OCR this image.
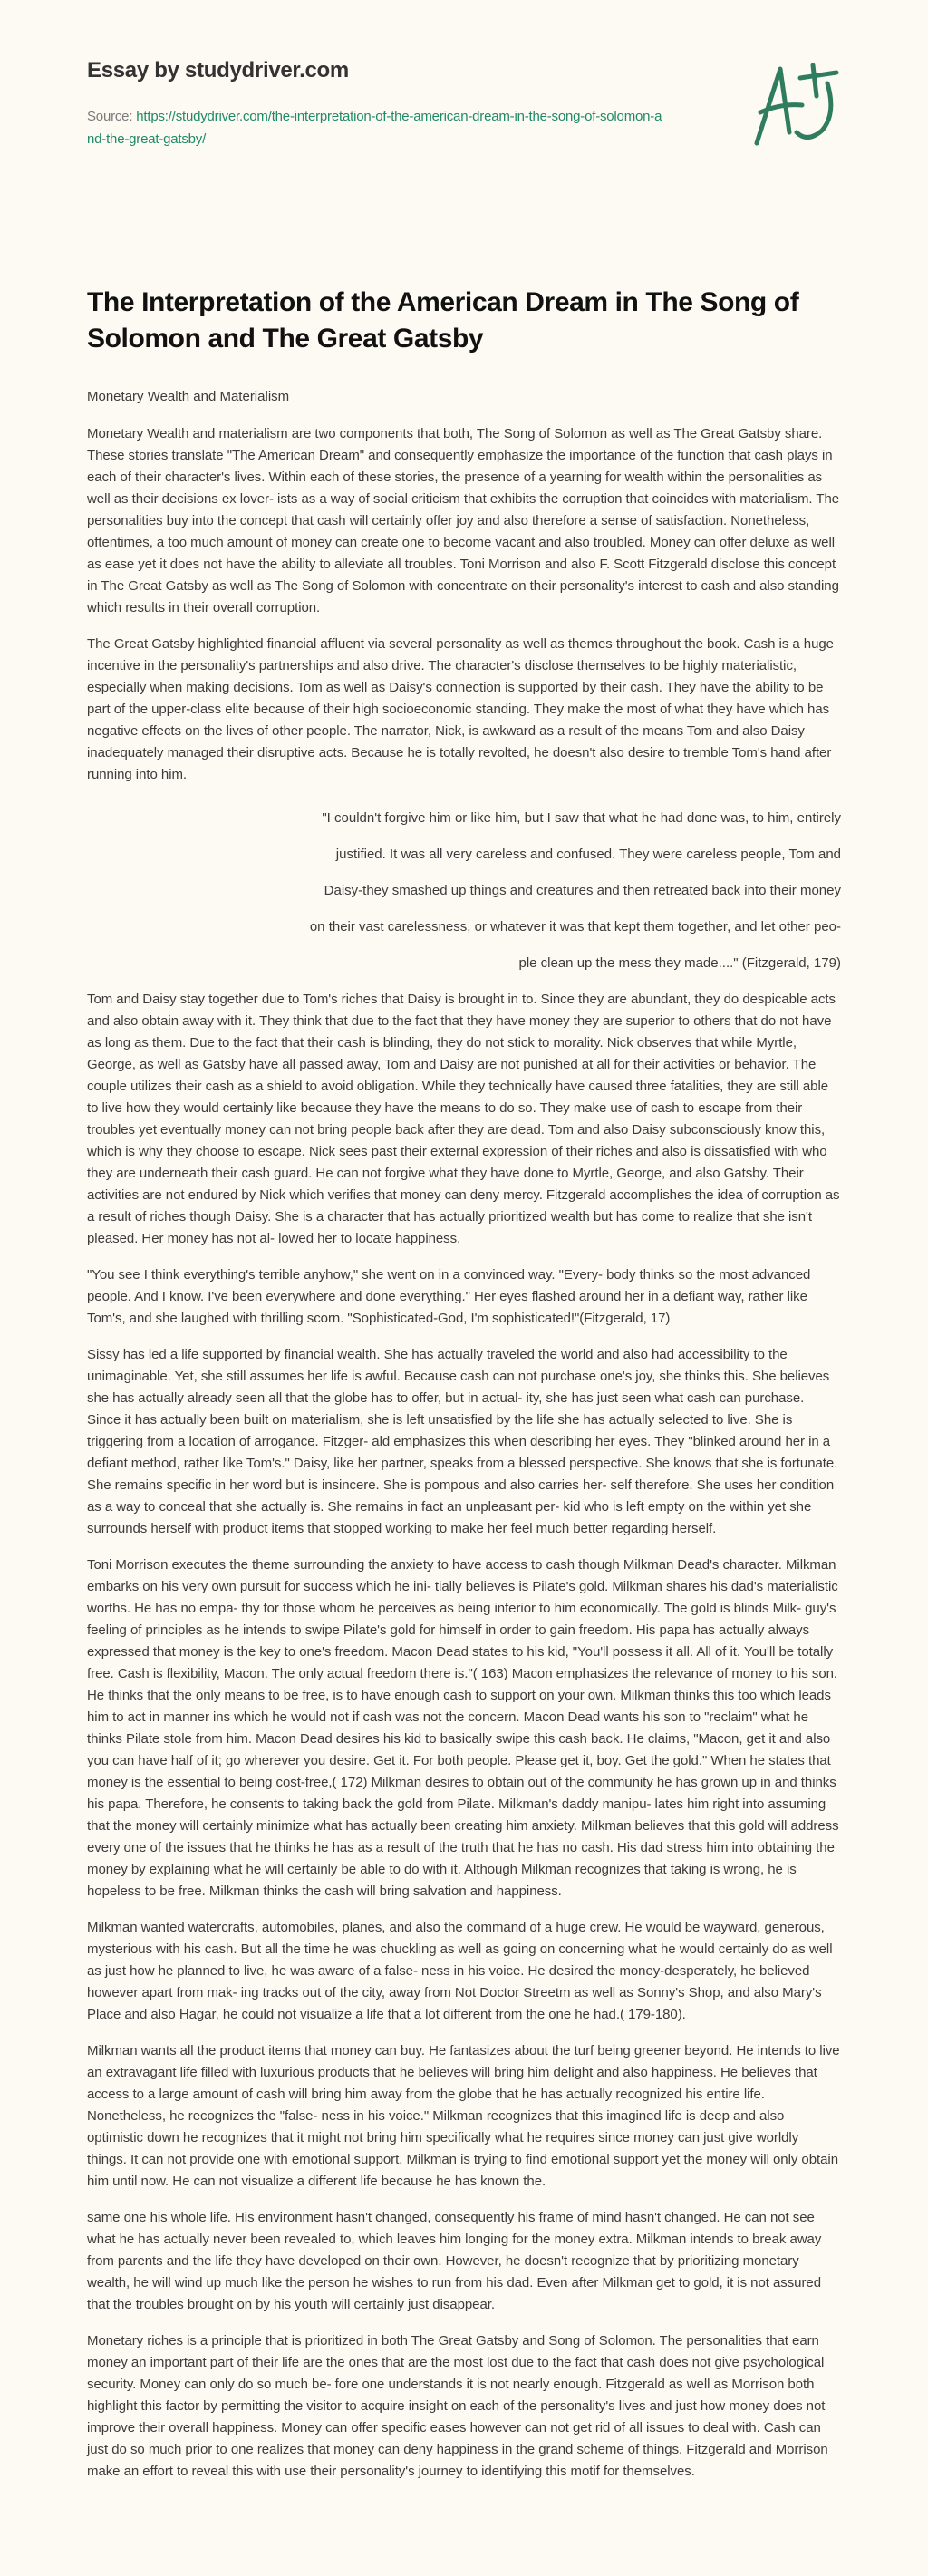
Essay by studydriver.com

Source: https://studydriver.com/the-interpretation-of-the-american-dream-in-the-song-of-solomon-and-the-great-gatsby/
The Interpretation of the American Dream in The Song of Solomon and The Great Gatsby

Monetary Wealth and Materialism

Monetary Wealth and materialism are two components that both, The Song of Solomon as well as The Great Gatsby share. These stories translate "The American Dream" and consequently emphasize the importance of the function that cash plays in each of their character's lives. Within each of these stories, the presence of a yearning for wealth within the personalities as well as their decisions ex lover- ists as a way of social criticism that exhibits the corruption that coincides with materialism. The personalities buy into the concept that cash will certainly offer joy and also therefore a sense of satisfaction. Nonetheless, oftentimes, a too much amount of money can create one to become vacant and also troubled. Money can offer deluxe as well as ease yet it does not have the ability to alleviate all troubles. Toni Morrison and also F. Scott Fitzgerald disclose this concept in The Great Gatsby as well as The Song of Solomon with concentrate on their personality's interest to cash and also standing which results in their overall corruption.

The Great Gatsby highlighted financial affluent via several personality as well as themes throughout the book. Cash is a huge incentive in the personality's partnerships and also drive. The character's disclose themselves to be highly materialistic, especially when making decisions. Tom as well as Daisy's connection is supported by their cash. They have the ability to be part of the upper-class elite because of their high socioeconomic standing. They make the most of what they have which has negative effects on the lives of other people. The narrator, Nick, is awkward as a result of the means Tom and also Daisy inadequately managed their disruptive acts. Because he is totally revolted, he doesn't also desire to tremble Tom's hand after running into him.

"I couldn't forgive him or like him, but I saw that what he had done was, to him, entirely
justified. It was all very careless and confused. They were careless people, Tom and
Daisy-they smashed up things and creatures and then retreated back into their money
on their vast carelessness, or whatever it was that kept them together, and let other peo-
ple clean up the mess they made...." (Fitzgerald, 179)

Tom and Daisy stay together due to Tom's riches that Daisy is brought in to. Since they are abundant, they do despicable acts and also obtain away with it. They think that due to the fact that they have money they are superior to others that do not have as long as them. Due to the fact that their cash is blinding, they do not stick to morality. Nick observes that while Myrtle, George, as well as Gatsby have all passed away, Tom and Daisy are not punished at all for their activities or behavior. The couple utilizes their cash as a shield to avoid obligation. While they technically have caused three fatalities, they are still able to live how they would certainly like because they have the means to do so. They make use of cash to escape from their troubles yet eventually money can not bring people back after they are dead. Tom and also Daisy subconsciously know this, which is why they choose to escape. Nick sees past their external expression of their riches and also is dissatisfied with who they are underneath their cash guard. He can not forgive what they have done to Myrtle, George, and also Gatsby. Their activities are not endured by Nick which verifies that money can deny mercy. Fitzgerald accomplishes the idea of corruption as a result of riches though Daisy. She is a character that has actually prioritized wealth but has come to realize that she isn't pleased. Her money has not al- lowed her to locate happiness.

"You see I think everything's terrible anyhow," she went on in a convinced way. "Every- body thinks so the most advanced people. And I know. I've been everywhere and done everything." Her eyes flashed around her in a defiant way, rather like Tom's, and she laughed with thrilling scorn. "Sophisticated-God, I'm sophisticated!"(Fitzgerald, 17)

Sissy has led a life supported by financial wealth. She has actually traveled the world and also had accessibility to the unimaginable. Yet, she still assumes her life is awful. Because cash can not purchase one's joy, she thinks this. She believes she has actually already seen all that the globe has to offer, but in actual- ity, she has just seen what cash can purchase. Since it has actually been built on materialism, she is left unsatisfied by the life she has actually selected to live. She is triggering from a location of arrogance. Fitzger- ald emphasizes this when describing her eyes. They "blinked around her in a defiant method, rather like Tom's." Daisy, like her partner, speaks from a blessed perspective. She knows that she is fortunate. She remains specific in her word but is insincere. She is pompous and also carries her- self therefore. She uses her condition as a way to conceal that she actually is. She remains in fact an unpleasant per- kid who is left empty on the within yet she surrounds herself with product items that stopped working to make her feel much better regarding herself.

Toni Morrison executes the theme surrounding the anxiety to have access to cash though Milkman Dead's character. Milkman embarks on his very own pursuit for success which he ini- tially believes is Pilate's gold. Milkman shares his dad's materialistic worths. He has no empa- thy for those whom he perceives as being inferior to him economically. The gold is blinds Milk- guy's feeling of principles as he intends to swipe Pilate's gold for himself in order to gain freedom. His papa has actually always expressed that money is the key to one's freedom. Macon Dead states to his kid, "You'll possess it all. All of it. You'll be totally free. Cash is flexibility, Macon. The only actual freedom there is."( 163) Macon emphasizes the relevance of money to his son. He thinks that the only means to be free, is to have enough cash to support on your own. Milkman thinks this too which leads him to act in manner ins which he would not if cash was not the concern. Macon Dead wants his son to "reclaim" what he thinks Pilate stole from him. Macon Dead desires his kid to basically swipe this cash back. He claims, "Macon, get it and also you can have half of it; go wherever you desire. Get it. For both people. Please get it, boy. Get the gold." When he states that money is the essential to being cost-free,( 172) Milkman desires to obtain out of the community he has grown up in and thinks his papa. Therefore, he consents to taking back the gold from Pilate. Milkman's daddy manipu- lates him right into assuming that the money will certainly minimize what has actually been creating him anxiety. Milkman believes that this gold will address every one of the issues that he thinks he has as a result of the truth that he has no cash. His dad stress him into obtaining the money by explaining what he will certainly be able to do with it. Although Milkman recognizes that taking is wrong, he is hopeless to be free. Milkman thinks the cash will bring salvation and happiness.

Milkman wanted watercrafts, automobiles, planes, and also the command of a huge crew. He would be wayward, generous, mysterious with his cash. But all the time he was chuckling as well as going on concerning what he would certainly do as well as just how he planned to live, he was aware of a false- ness in his voice. He desired the money-desperately, he believed however apart from mak- ing tracks out of the city, away from Not Doctor Streetm as well as Sonny's Shop, and also Mary's Place and also Hagar, he could not visualize a life that a lot different from the one he had.( 179-180).

Milkman wants all the product items that money can buy. He fantasizes about the turf being greener beyond. He intends to live an extravagant life filled with luxurious products that he believes will bring him delight and also happiness. He believes that access to a large amount of cash will bring him away from the globe that he has actually recognized his entire life. Nonetheless, he recognizes the "false- ness in his voice." Milkman recognizes that this imagined life is deep and also optimistic down he recognizes that it might not bring him specifically what he requires since money can just give worldly things. It can not provide one with emotional support. Milkman is trying to find emotional support yet the money will only obtain him until now. He can not visualize a different life because he has known the.

same one his whole life. His environment hasn't changed, consequently his frame of mind hasn't changed. He can not see what he has actually never been revealed to, which leaves him longing for the money extra. Milkman intends to break away from parents and the life they have developed on their own. However, he doesn't recognize that by prioritizing monetary wealth, he will wind up much like the person he wishes to run from his dad. Even after Milkman get to gold, it is not assured that the troubles brought on by his youth will certainly just disappear.

Monetary riches is a principle that is prioritized in both The Great Gatsby and Song of Solomon. The personalities that earn money an important part of their life are the ones that are the most lost due to the fact that cash does not give psychological security. Money can only do so much be- fore one understands it is not nearly enough. Fitzgerald as well as Morrison both highlight this factor by permitting the visitor to acquire insight on each of the personality's lives and just how money does not improve their overall happiness. Money can offer specific eases however can not get rid of all issues to deal with. Cash can just do so much prior to one realizes that money can deny happiness in the grand scheme of things. Fitzgerald and Morrison make an effort to reveal this with use their personality's journey to identifying this motif for themselves.
